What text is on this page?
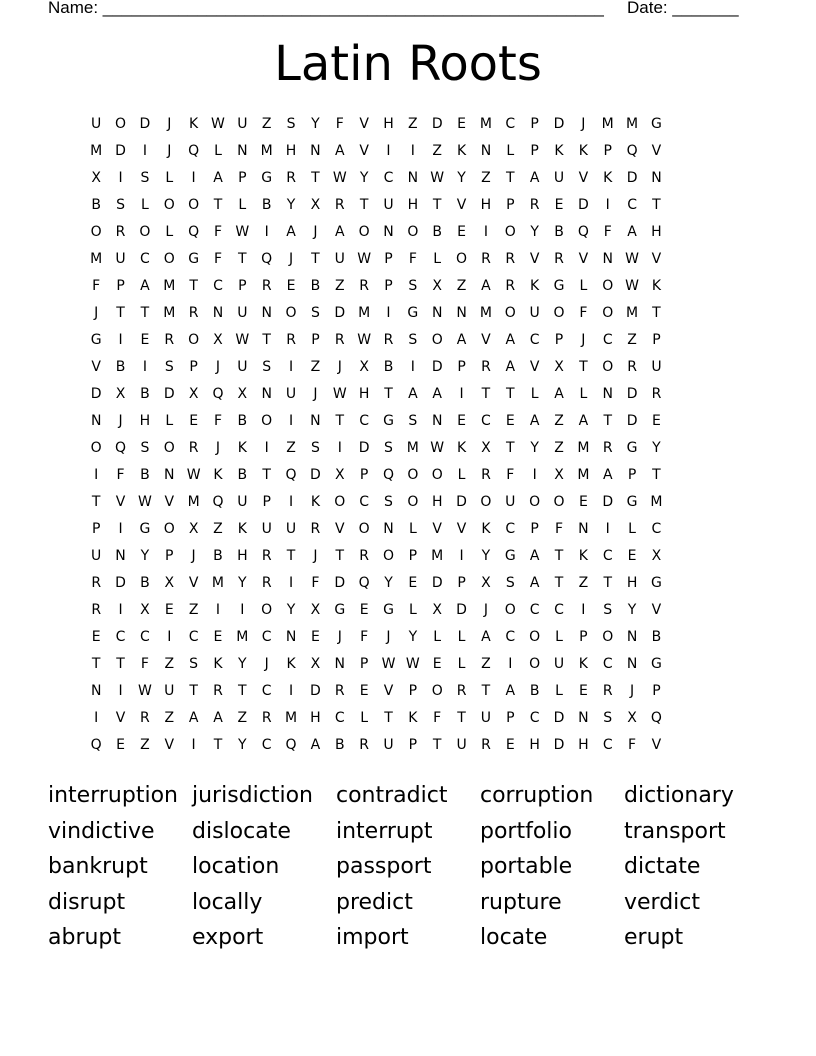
Name: _____________________________________________________ Date: _______
Latin Roots
U O D	J	K W U	Z	S	Y	F	V	H	Z	D	E M C	P	D	J	M M G
M D	I	J	Q	L	N M H N	A	V	I	I	Z	K	N	L	P	K	K	P	Q	V
X	I	S	L	I	A	P	G	R	T W Y	C	N W Y	Z	T	A	U	V	K	D N
B	S	L	O O	T	L	B	Y	X	R	T	U H	T	V	H	P	R	E	D	I	C	T
O R O	L	Q	F W	I	A	J	A	O N O	B	E	I	O	Y	B	Q	F	A	H
M U	C O G	F	T	Q	J	T	U W P	F	L	O R	R	V	R	V	N W V
F	P	A M	T	C	P	R	E	B	Z	R	P	S	X	Z	A	R	K	G	L	O W K
J	T	T	M R	N U	N O	S	D M	I	G N N M O U O	F	O M	T
G	I	E	R O	X W T	R	P	R W R	S	O	A	V	A	C	P	J	C	Z	P
V	B	I	S	P	J	U	S	I	Z	J	X	B	I	D	P	R	A	V	X	T	O R	U
D	X	B	D	X	Q	X	N U	J	W H	T	A	A	I	T	T	L	A	L	N D	R
N	J	H	L	E	F	B	O	I	N	T	C	G	S	N	E	C	E	A	Z	A	T	D	E
O Q	S	O R	J	K	I	Z	S	I	D	S M W K	X	T	Y	Z M R	G	Y
I	F	B	N W K	B	T	Q D	X	P	Q O O	L	R	F	I	X M A	P	T
T	V W V M Q U	P	I	K	O C	S	O H D O U O O	E	D G M
P	I	G O	X	Z	K	U	U	R	V	O N	L	V	V	K	C	P	F	N	I	L	C
U	N	Y	P	J	B	H	R	T	J	T	R O	P	M	I	Y	G	A	T	K	C	E	X
R	D	B	X	V M	Y	R	I	F	D Q	Y	E	D	P	X	S	A	T	Z	T	H G
R	I	X	E	Z	I	I	O	Y	X	G	E	G	L	X	D	J	O C	C	I	S	Y	V
E	C	C	I	C	E M C	N	E	J	F	J	Y	L	L	A	C O	L	P	O N	B
T	T	F	Z	S	K	Y	J	K	X	N	P W W E	L	Z	I	O U	K	C	N G
N	I	W U	T	R	T	C	I	D	R	E	V	P	O R	T	A	B	L	E	R	J	P
I	V	R	Z	A	A	Z	R M H	C	L	T	K	F	T	U	P	C	D N	S	X	Q
Q	E	Z	V	I	T	Y	C Q	A	B	R	U	P	T	U	R	E	H D H	C	F	V
interruption jurisdiction	contradict	corruption	dictionary
vindictive	dislocate	interrupt	portfolio	transport
bankrupt	location	passport	portable	dictate
disrupt	locally	predict	rupture	verdict
abrupt	export	import	locate	erupt
